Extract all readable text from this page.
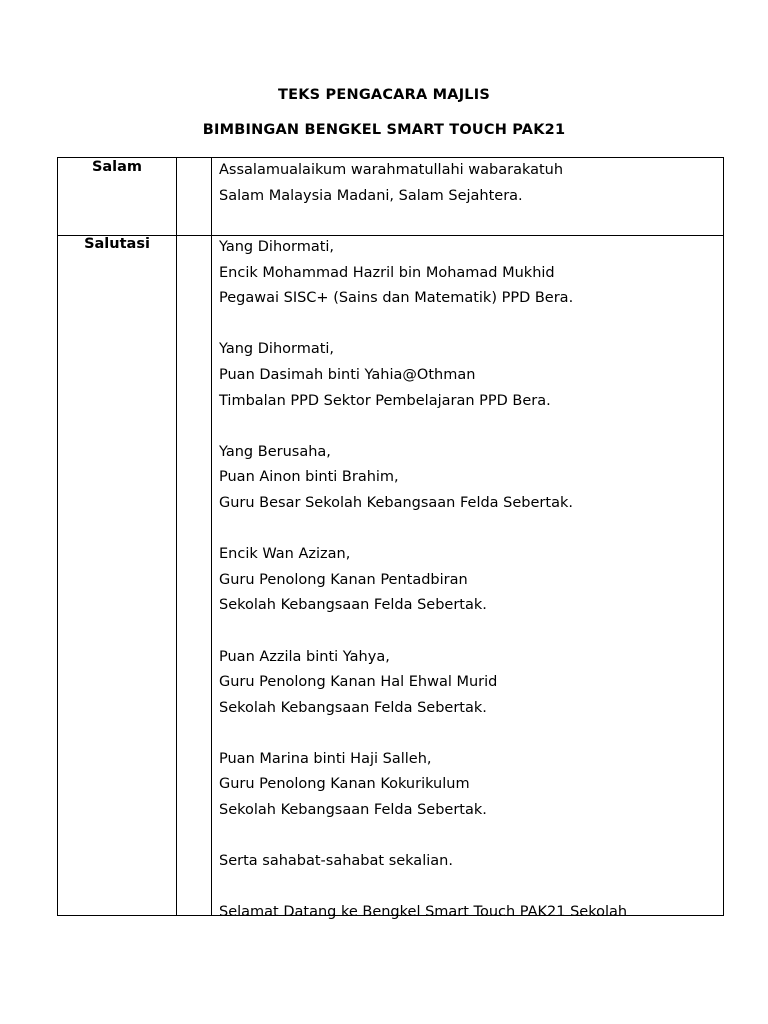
TEKS PENGACARA MAJLIS
BIMBINGAN BENGKEL SMART TOUCH PAK21
Salam	Assalamualaikum warahmatullahi wabarakatuh
Salam Malaysia Madani, Salam Sejahtera.
Salutasi	Yang Dihormati,
Encik Mohammad Hazril bin Mohamad Mukhid
Pegawai SISC+ (Sains dan Matematik) PPD Bera.
Yang Dihormati,
Puan Dasimah binti Yahia@Othman
Timbalan PPD Sektor Pembelajaran PPD Bera.
Yang Berusaha,
Puan Ainon binti Brahim,
Guru Besar Sekolah Kebangsaan Felda Sebertak.
Encik Wan Azizan,
Guru Penolong Kanan Pentadbiran
Sekolah Kebangsaan Felda Sebertak.
Puan Azzila binti Yahya,
Guru Penolong Kanan Hal Ehwal Murid
Sekolah Kebangsaan Felda Sebertak.
Puan Marina binti Haji Salleh,
Guru Penolong Kanan Kokurikulum
Sekolah Kebangsaan Felda Sebertak.
Serta sahabat-sahabat sekalian.
Selamat Datang ke Bengkel Smart Touch PAK21 Sekolah
